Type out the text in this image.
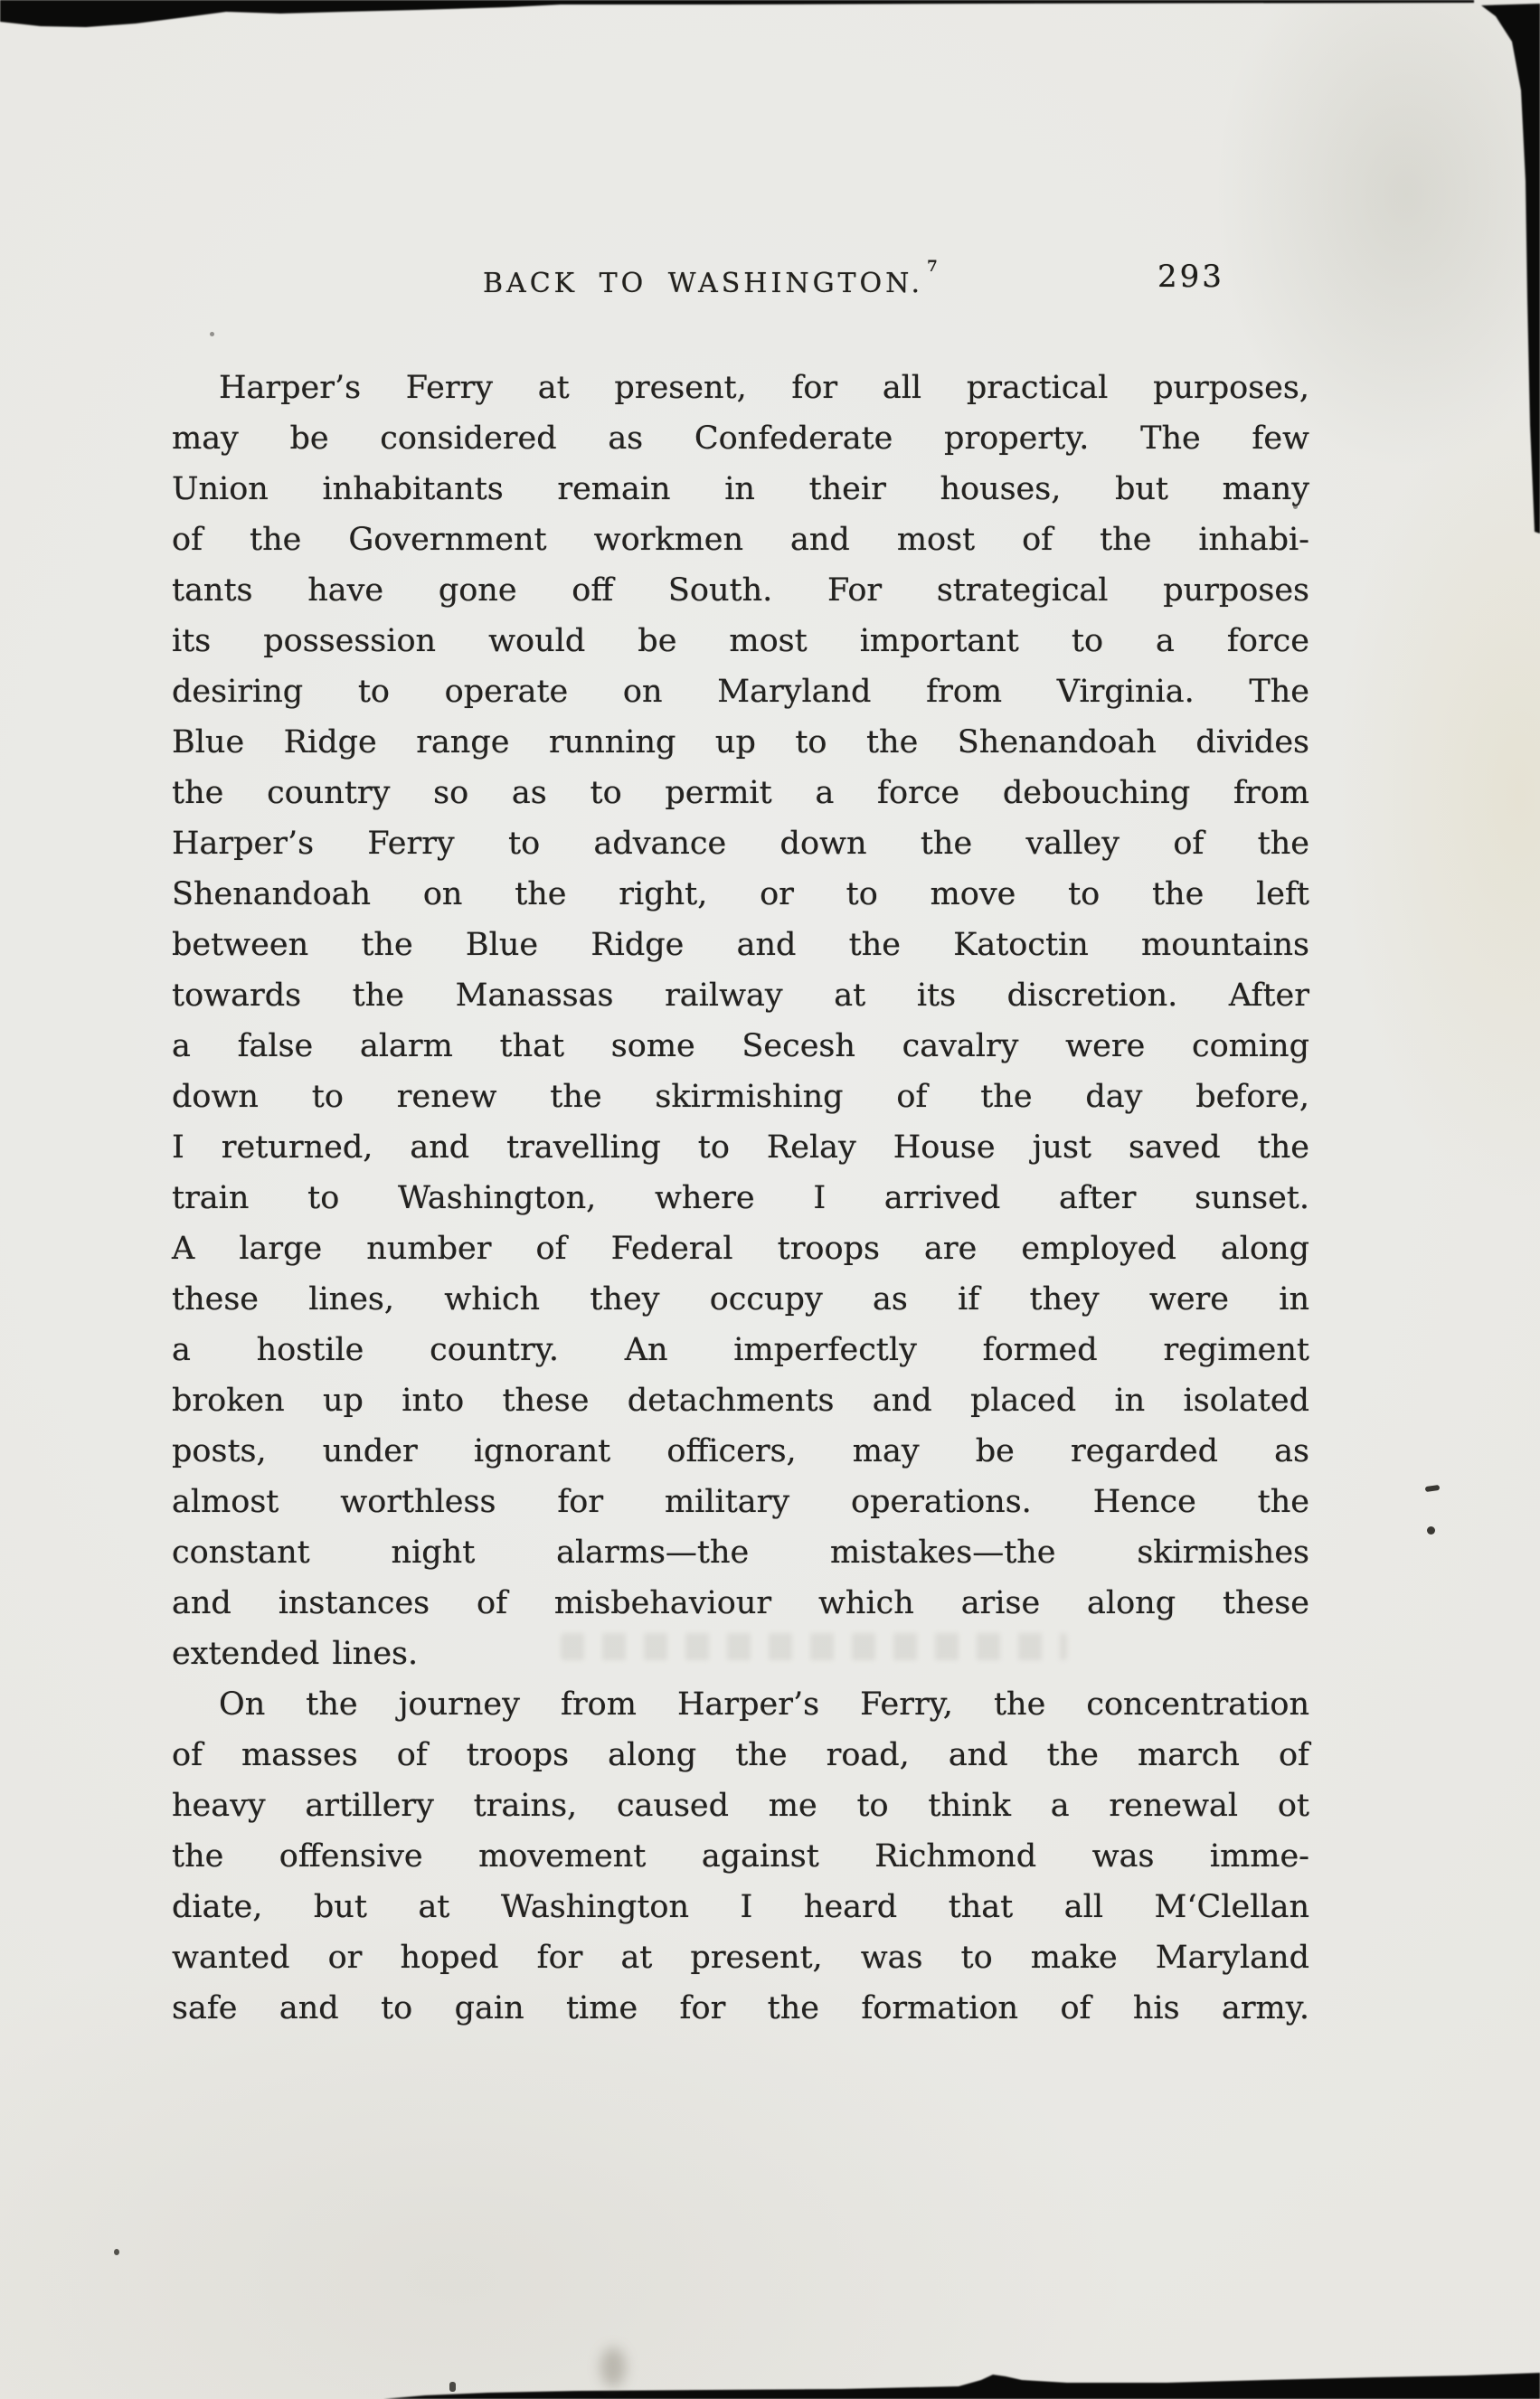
BACK TO WASHINGTON.$^7$	293
Harper’s Ferry at present, for all practical purposes,
may be considered as Confederate property. The few
Union inhabitants remain in their houses, but many
of the Government workmen and most of the inhabi-
tants have gone off South. For strategical purposes
its possession would be most important to a force
desiring to operate on Maryland from Virginia. The
Blue Ridge range running up to the Shenandoah divides
the country so as to permit a force debouching from
Harper’s Ferry to advance down the valley of the
Shenandoah on the right, or to move to the left
between the Blue Ridge and the Katoctin mountains
towards the Manassas railway at its discretion. After
a false alarm that some Secesh cavalry were coming
down to renew the skirmishing of the day before,
I returned, and travelling to Relay House just saved the
train to Washington, where I arrived after sunset.
A large number of Federal troops are employed along
these lines, which they occupy as if they were in
a hostile country. An imperfectly formed regiment
broken up into these detachments and placed in isolated
posts, under ignorant officers, may be regarded as
almost worthless for military operations. Hence the
constant night alarms—the mistakes—the skirmishes
and instances of misbehaviour which arise along these
extended lines.
On the journey from Harper’s Ferry, the concentration
of masses of troops along the road, and the march of
heavy artillery trains, caused me to think a renewal ot
the offensive movement against Richmond was imme-
diate, but at Washington I heard that all M‘Clellan
wanted or hoped for at present, was to make Maryland
safe and to gain time for the formation of his army.
